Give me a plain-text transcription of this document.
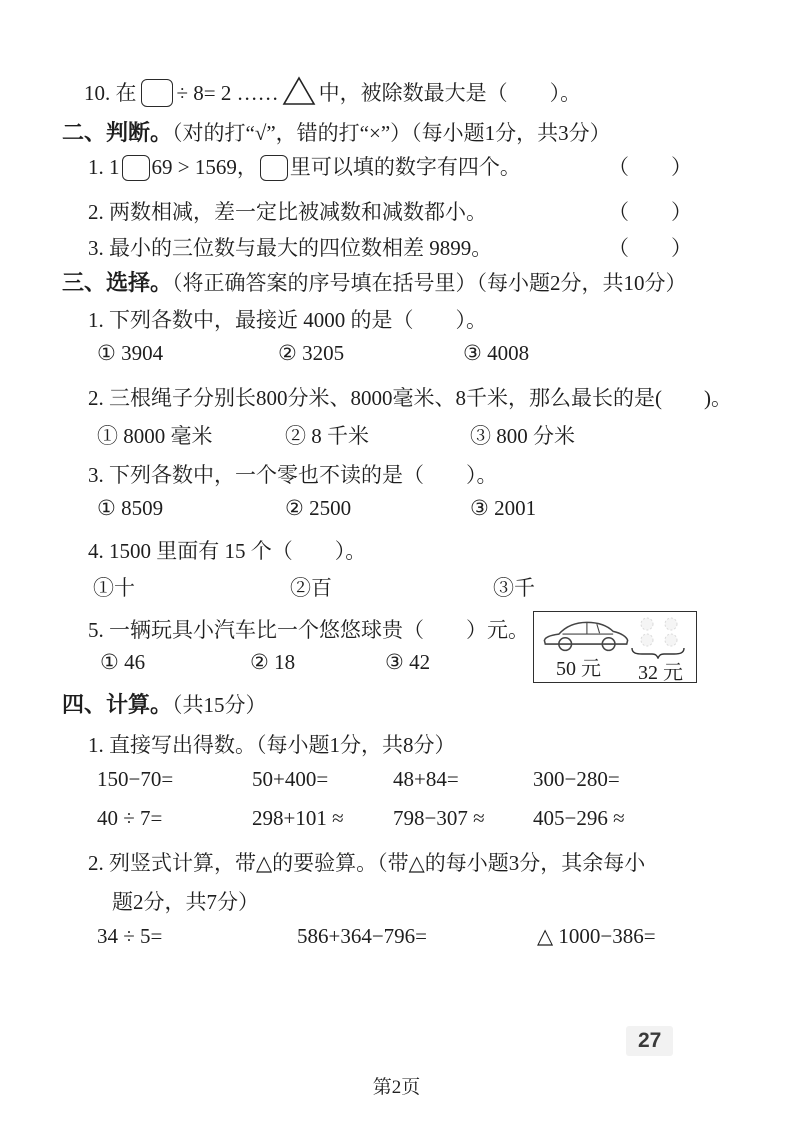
10. 在 ÷ 8= 2 …… 中，被除数最大是（　　）。
二、判断。（对的打“√”，错的打“×”）（每小题1分，共3分）
1. 1 69 > 1569， 里可以填的数字有四个。	（　　）
2. 两数相减，差一定比被减数和减数都小。	（　　）
3. 最小的三位数与最大的四位数相差 9899。	（　　）
三、选择。（将正确答案的序号填在括号里）（每小题2分，共10分）
1. 下列各数中，最接近 4000 的是（　　）。
① 3904	② 3205	③ 4008
2. 三根绳子分别长800分米、8000毫米、8千米，那么最长的是(　　)。
① 8000 毫米	② 8 千米	③ 800 分米
3. 下列各数中，一个零也不读的是（　　）。
① 8509	② 2500	③ 2001
4. 1500 里面有 15 个（　　）。
①十	②百	③千
5. 一辆玩具小汽车比一个悠悠球贵（　　）元。
① 46	② 18	③ 42	50 元 32 元
四、计算。（共15分）
1. 直接写出得数。（每小题1分，共8分）
150−70=	50+400=	48+84=	300−280=
40 ÷ 7=	298+101 ≈ 798−307 ≈ 405−296 ≈
2. 列竖式计算，带△的要验算。（带△的每小题3分，其余每小
题2分，共7分）
34 ÷ 5=	586+364−796=	△ 1000−386=
27
第2页
